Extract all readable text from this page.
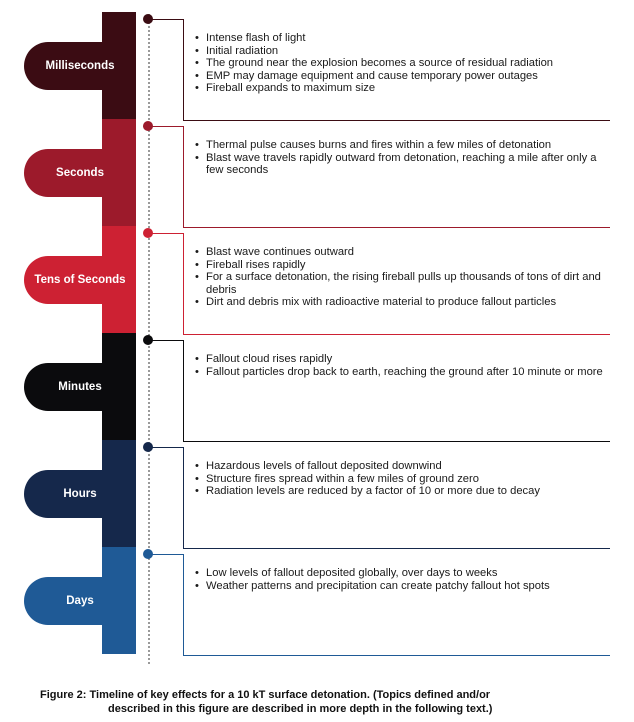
Milliseconds
• Intense flash of light
• Initial radiation
• The ground near the explosion becomes a source of residual radiation
• EMP may damage equipment and cause temporary power outages
• Fireball expands to maximum size
Seconds
• Thermal pulse causes burns and fires within a few miles of detonation
• Blast wave travels rapidly outward from detonation, reaching a mile after only a few seconds
Tens of Seconds
• Blast wave continues outward
• Fireball rises rapidly
• For a surface detonation, the rising fireball pulls up thousands of tons of dirt and debris
• Dirt and debris mix with radioactive material to produce fallout particles
Minutes
• Fallout cloud rises rapidly
• Fallout particles drop back to earth, reaching the ground after 10 minute or more
Hours
• Hazardous levels of fallout deposited downwind
• Structure fires spread within a few miles of ground zero
• Radiation levels are reduced by a factor of 10 or more due to decay
Days
• Low levels of fallout deposited globally, over days to weeks
• Weather patterns and precipitation can create patchy fallout hot spots
Figure 2: Timeline of key effects for a 10 kT surface detonation. (Topics defined and/or
described in this figure are described in more depth in the following text.)
